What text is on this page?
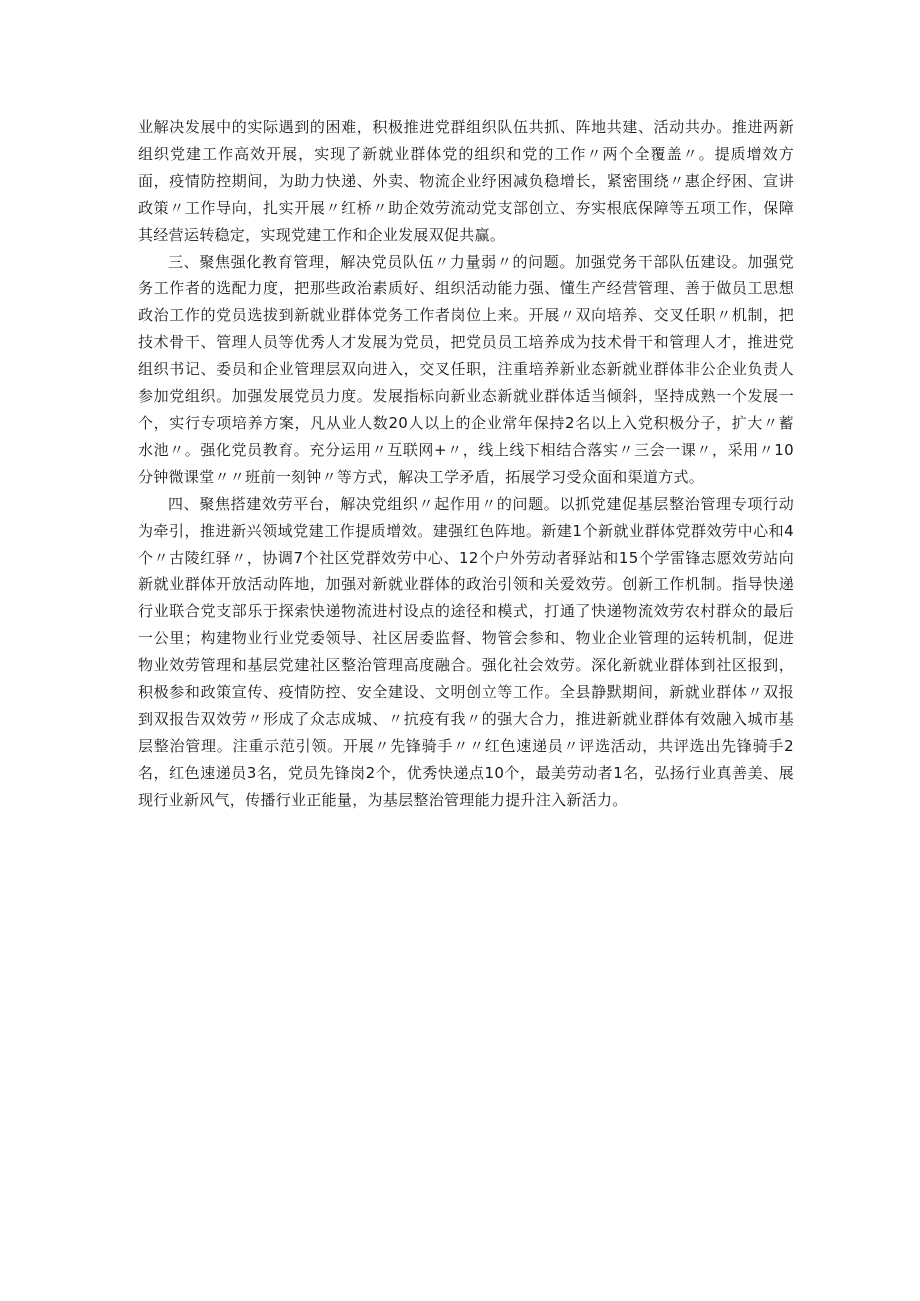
业解决发展中的实际遇到的困难，积极推进党群组织队伍共抓、阵地共建、活动共办。推进两新组织党建工作高效开展，实现了新就业群体党的组织和党的工作〃两个全覆盖〃。提质增效方面，疫情防控期间，为助力快递、外卖、物流企业纾困减负稳增长，紧密围绕〃惠企纾困、宣讲政策〃工作导向，扎实开展〃红桥〃助企效劳流动党支部创立、夯实根底保障等五项工作，保障其经营运转稳定，实现党建工作和企业发展双促共赢。

三、聚焦强化教育管理，解决党员队伍〃力量弱〃的问题。加强党务干部队伍建设。加强党务工作者的选配力度，把那些政治素质好、组织活动能力强、懂生产经营管理、善于做员工思想政治工作的党员选拔到新就业群体党务工作者岗位上来。开展〃双向培养、交叉任职〃机制，把技术骨干、管理人员等优秀人才发展为党员，把党员员工培养成为技术骨干和管理人才，推进党组织书记、委员和企业管理层双向进入，交叉任职，注重培养新业态新就业群体非公企业负责人参加党组织。加强发展党员力度。发展指标向新业态新就业群体适当倾斜，坚持成熟一个发展一个，实行专项培养方案，凡从业人数20人以上的企业常年保持2名以上入党积极分子，扩大〃蓄水池〃。强化党员教育。充分运用〃互联网+〃，线上线下相结合落实〃三会一课〃，采用〃10分钟微课堂〃〃班前一刻钟〃等方式，解决工学矛盾，拓展学习受众面和渠道方式。

四、聚焦搭建效劳平台，解决党组织〃起作用〃的问题。以抓党建促基层整治管理专项行动为牵引，推进新兴领域党建工作提质增效。建强红色阵地。新建1个新就业群体党群效劳中心和4个〃古陵红驿〃，协调7个社区党群效劳中心、12个户外劳动者驿站和15个学雷锋志愿效劳站向新就业群体开放活动阵地，加强对新就业群体的政治引领和关爱效劳。创新工作机制。指导快递行业联合党支部乐于探索快递物流进村设点的途径和模式，打通了快递物流效劳农村群众的最后一公里；构建物业行业党委领导、社区居委监督、物管会参和、物业企业管理的运转机制，促进物业效劳管理和基层党建社区整治管理高度融合。强化社会效劳。深化新就业群体到社区报到，积极参和政策宣传、疫情防控、安全建设、文明创立等工作。全县静默期间，新就业群体〃双报到双报告双效劳〃形成了众志成城、〃抗疫有我〃的强大合力，推进新就业群体有效融入城市基层整治管理。注重示范引领。开展〃先锋骑手〃〃红色速递员〃评选活动，共评选出先锋骑手2名，红色速递员3名，党员先锋岗2个，优秀快递点10个，最美劳动者1名，弘扬行业真善美、展现行业新风气，传播行业正能量，为基层整治管理能力提升注入新活力。
